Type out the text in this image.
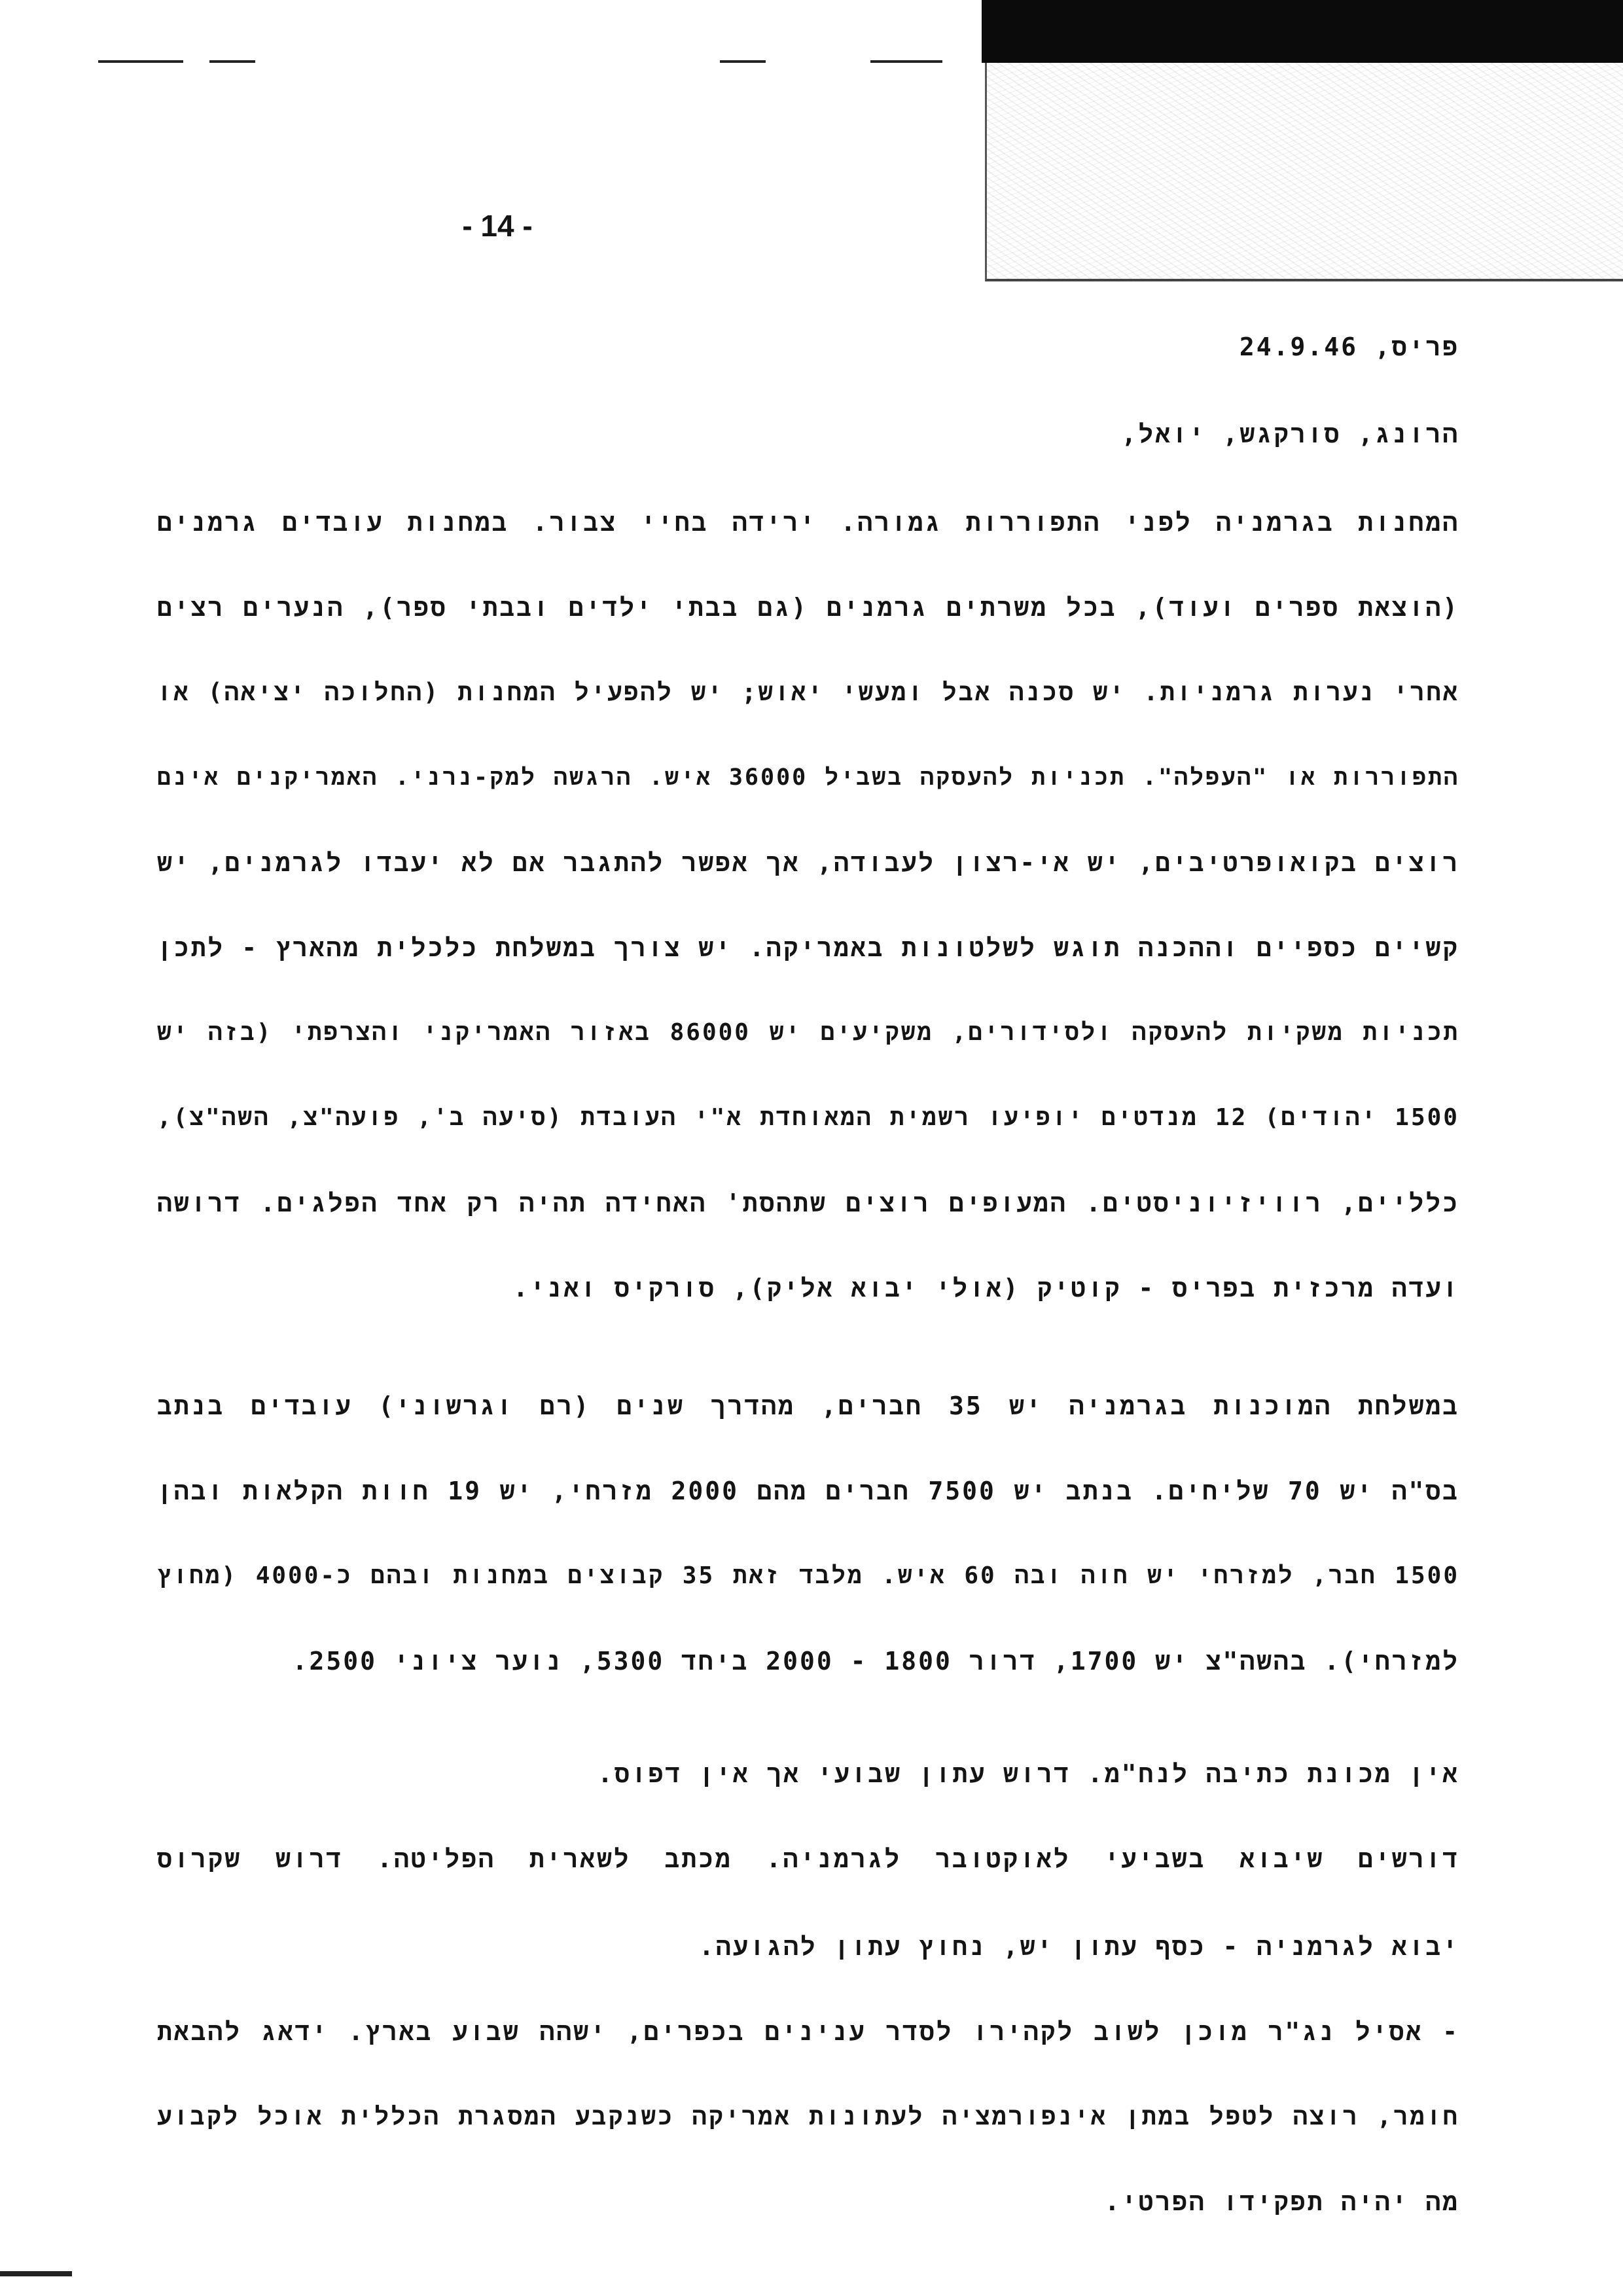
- 14 -
פריס, 24.9.46
הרונג, סורקגש, יואל,
המחנות בגרמניה לפני התפוררות גמורה. ירידה בחיי צבור. במחנות עובדים גרמנים
(הוצאת ספרים ועוד), בכל משרתים גרמנים (גם בבתי ילדים ובבתי ספר), הנערים רצים
אחרי נערות גרמניות. יש סכנה אבל ומעשי יאוש; יש להפעיל המחנות (החלוכה יציאה) או
התפוררות או "העפלה". תכניות להעסקה בשביל 36000 איש. הרגשה למק-נרני. האמריקנים אינם
רוצים בקואופרטיבים, יש אי-רצון לעבודה, אך אפשר להתגבר אם לא יעבדו לגרמנים, יש
קשיים כספיים וההכנה תוגש לשלטונות באמריקה. יש צורך במשלחת כלכלית מהארץ - לתכן
תכניות משקיות להעסקה ולסידורים, משקיעים יש 86000 באזור האמריקני והצרפתי (בזה יש
1500 יהודים) 12 מנדטים יופיעו רשמית המאוחדת א"י העובדת (סיעה ב', פועה"צ, השה"צ),
כלליים, רוויזיוניסטים. המעופים רוצים שתהסת' האחידה תהיה רק אחד הפלגים. דרושה
ועדה מרכזית בפריס - קוטיק (אולי יבוא אליק), סורקיס ואני.
במשלחת המוכנות בגרמניה יש 35 חברים, מהדרך שנים (רם וגרשוני) עובדים בנתב
בס"ה יש 70 שליחים. בנתב יש 7500 חברים מהם 2000 מזרחי, יש 19 חוות הקלאות ובהן
1500 חבר, למזרחי יש חוה ובה 60 איש. מלבד זאת 35 קבוצים במחנות ובהם כ-4000 (מחוץ
למזרחי). בהשה"צ יש 1700, דרור 1800 - 2000 ביחד 5300, נוער ציוני 2500.
אין מכונת כתיבה לנח"מ. דרוש עתון שבועי אך אין דפוס.
דורשים שיבוא בשביעי לאוקטובר לגרמניה. מכתב לשארית הפליטה. דרוש שקרוס
יבוא לגרמניה - כסף עתון יש, נחוץ עתון להגועה.
- אסיל נג"ר מוכן לשוב לקהירו לסדר ענינים בכפרים, ישהה שבוע בארץ. ידאג להבאת
חומר, רוצה לטפל במתן אינפורמציה לעתונות אמריקה כשנקבע המסגרת הכללית אוכל לקבוע
מה יהיה תפקידו הפרטי.
